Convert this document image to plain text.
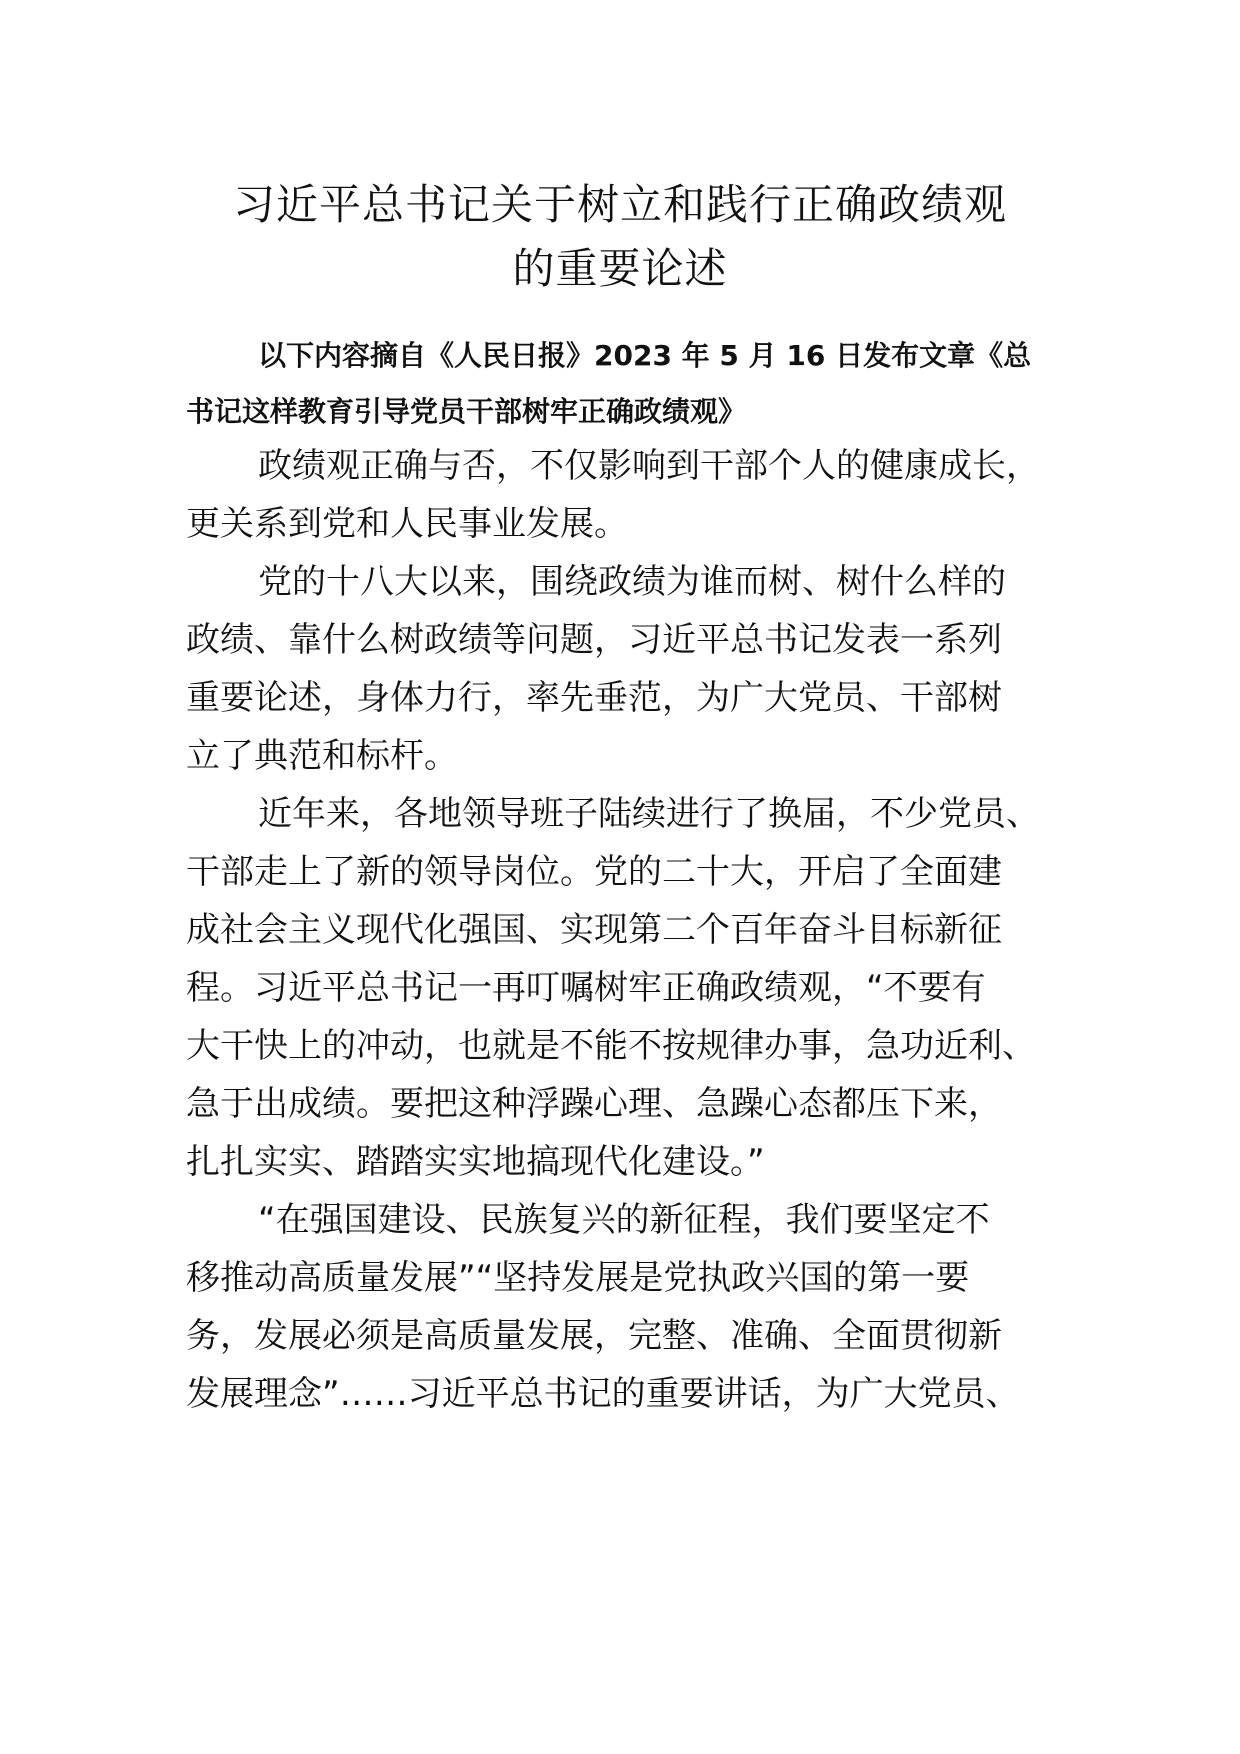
习近平总书记关于树立和践行正确政绩观
的重要论述

以下内容摘自《人民日报》2023 年 5 月 16 日发布文章《总

书记这样教育引导党员干部树牢正确政绩观》

政绩观正确与否，不仅影响到干部个人的健康成长，

更关系到党和人民事业发展。

党的十八大以来，围绕政绩为谁而树、树什么样的

政绩、靠什么树政绩等问题，习近平总书记发表一系列

重要论述，身体力行，率先垂范，为广大党员、干部树

立了典范和标杆。

近年来，各地领导班子陆续进行了换届，不少党员、

干部走上了新的领导岗位。党的二十大，开启了全面建

成社会主义现代化强国、实现第二个百年奋斗目标新征

程。习近平总书记一再叮嘱树牢正确政绩观，“不要有

大干快上的冲动，也就是不能不按规律办事，急功近利、

急于出成绩。要把这种浮躁心理、急躁心态都压下来，

扎扎实实、踏踏实实地搞现代化建设。”

“在强国建设、民族复兴的新征程，我们要坚定不

移推动高质量发展”“坚持发展是党执政兴国的第一要

务，发展必须是高质量发展，完整、准确、全面贯彻新

发展理念”……习近平总书记的重要讲话，为广大党员、
